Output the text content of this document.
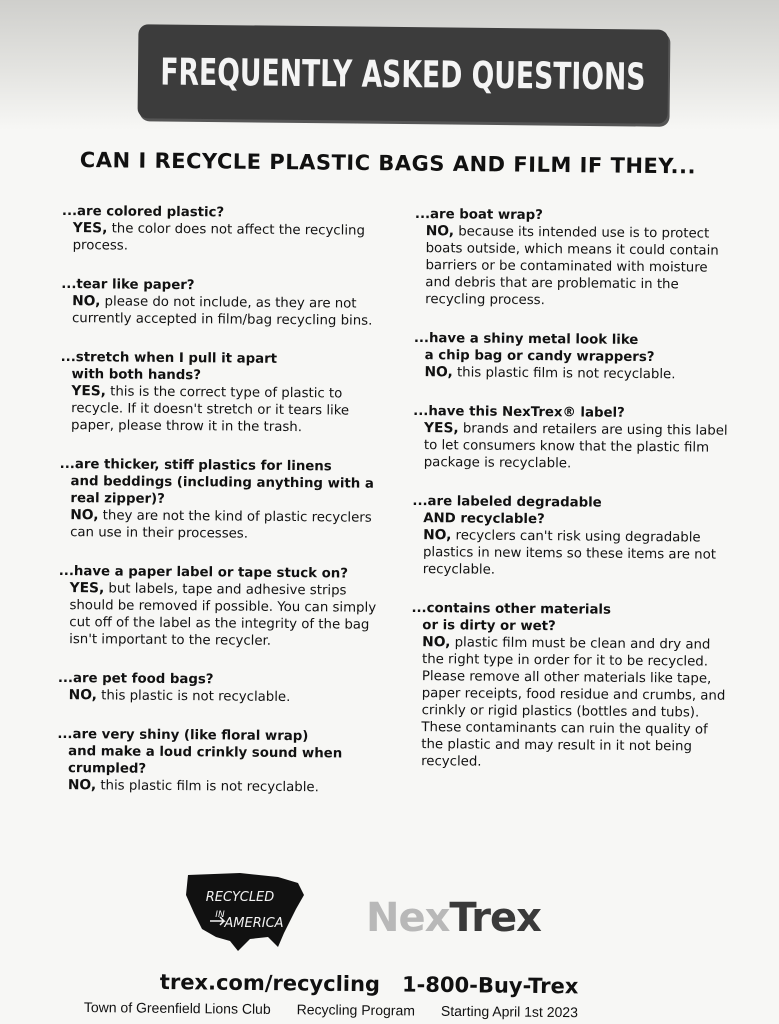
FREQUENTLY ASKED QUESTIONS
CAN I RECYCLE PLASTIC BAGS AND FILM IF THEY...
...are colored plastic?
YES, the color does not affect the recycling process.
...tear like paper?
NO, please do not include, as they are not currently accepted in film/bag recycling bins.
...stretch when I pull it apart
with both hands?
YES, this is the correct type of plastic to recycle. If it doesn't stretch or it tears like paper, please throw it in the trash.
...are thicker, stiff plastics for linens
and beddings (including anything with a real zipper)?
NO, they are not the kind of plastic recyclers can use in their processes.
...have a paper label or tape stuck on?
YES, but labels, tape and adhesive strips should be removed if possible. You can simply cut off of the label as the integrity of the bag isn't important to the recycler.
...are pet food bags?
NO, this plastic is not recyclable.
...are very shiny (like floral wrap)
and make a loud crinkly sound when crumpled?
NO, this plastic film is not recyclable.
...are boat wrap?
NO, because its intended use is to protect boats outside, which means it could contain barriers or be contaminated with moisture and debris that are problematic in the recycling process.
...have a shiny metal look like
a chip bag or candy wrappers?
NO, this plastic film is not recyclable.
...have this NexTrex® label?
YES, brands and retailers are using this label to let consumers know that the plastic film package is recyclable.
...are labeled degradable
AND recyclable?
NO, recyclers can't risk using degradable plastics in new items so these items are not recyclable.
...contains other materials
or is dirty or wet?
NO, plastic film must be clean and dry and the right type in order for it to be recycled. Please remove all other materials like tape, paper receipts, food residue and crumbs, and crinkly or rigid plastics (bottles and tubs). These contaminants can ruin the quality of the plastic and may result in it not being recycled.
RECYCLED
IN
AMERICA NexTrex
trex.com/recycling 1-800-Buy-Trex
Town of Greenfield Lions Club Recycling Program Starting April 1st 2023
